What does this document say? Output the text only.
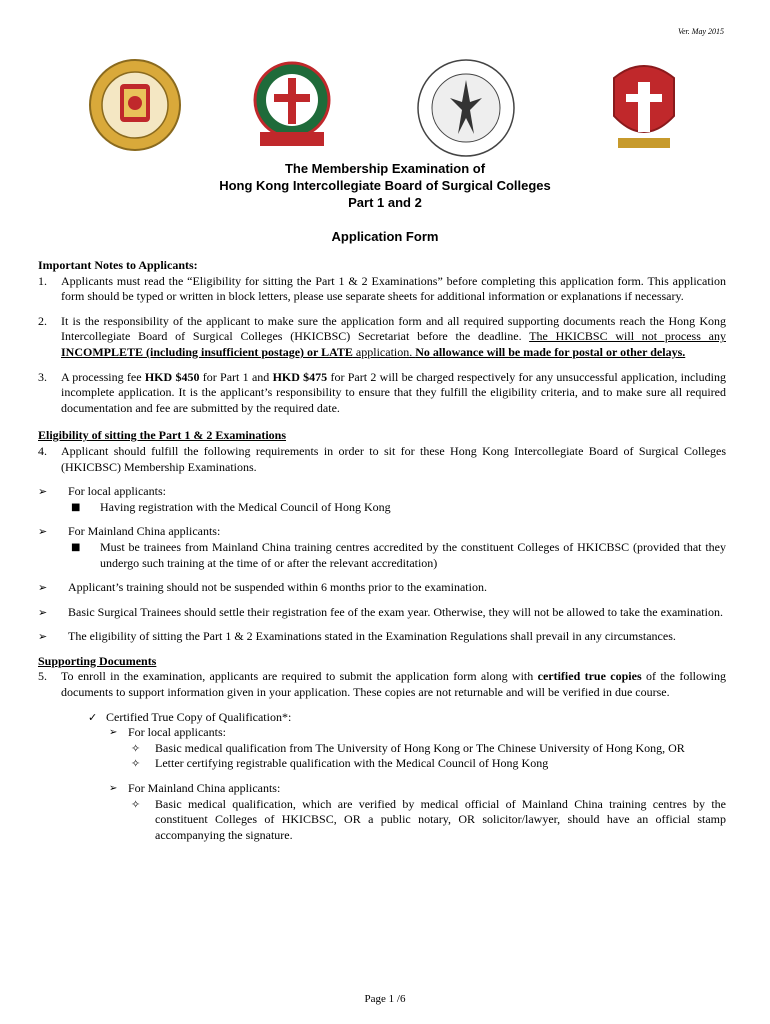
Ver. May 2015
The Membership Examination of
Hong Kong Intercollegiate Board of Surgical Colleges
Part 1 and 2
Application Form
Important Notes to Applicants:
1. Applicants must read the “Eligibility for sitting the Part 1 & 2 Examinations” before completing this application form. This application form should be typed or written in block letters, please use separate sheets for additional information or explanations if necessary.
2. It is the responsibility of the applicant to make sure the application form and all required supporting documents reach the Hong Kong Intercollegiate Board of Surgical Colleges (HKICBSC) Secretariat before the deadline. The HKICBSC will not process any INCOMPLETE (including insufficient postage) or LATE application. No allowance will be made for postal or other delays.
3. A processing fee HKD $450 for Part 1 and HKD $475 for Part 2 will be charged respectively for any unsuccessful application, including incomplete application. It is the applicant’s responsibility to ensure that they fulfill the eligibility criteria, and to make sure all required documentation and fee are submitted by the required date.
Eligibility of sitting the Part 1 & 2 Examinations
4. Applicant should fulfill the following requirements in order to sit for these Hong Kong Intercollegiate Board of Surgical Colleges (HKICBSC) Membership Examinations.
➢ For local applicants:
■ Having registration with the Medical Council of Hong Kong
➢ For Mainland China applicants:
■ Must be trainees from Mainland China training centres accredited by the constituent Colleges of HKICBSC (provided that they undergo such training at the time of or after the relevant accreditation)
➢ Applicant’s training should not be suspended within 6 months prior to the examination.
➢ Basic Surgical Trainees should settle their registration fee of the exam year. Otherwise, they will not be allowed to take the examination.
➢ The eligibility of sitting the Part 1 & 2 Examinations stated in the Examination Regulations shall prevail in any circumstances.
Supporting Documents
5. To enroll in the examination, applicants are required to submit the application form along with certified true copies of the following documents to support information given in your application. These copies are not returnable and will be verified in due course.
✓ Certified True Copy of Qualification*:
➢ For local applicants:
✧ Basic medical qualification from The University of Hong Kong or The Chinese University of Hong Kong, OR
✧ Letter certifying registrable qualification with the Medical Council of Hong Kong
➢ For Mainland China applicants:
✧ Basic medical qualification, which are verified by medical official of Mainland China training centres by the constituent Colleges of HKICBSC, OR a public notary, OR solicitor/lawyer, should have an official stamp accompanying the signature.
Page 1 /6
